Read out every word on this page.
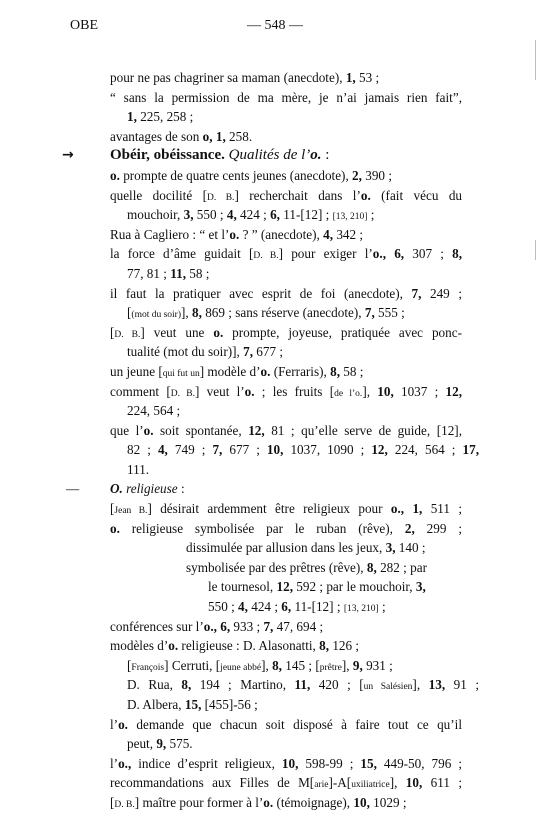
OBE	— 548 —
pour ne pas chagriner sa maman (anecdote), 1, 53 ;
“ sans la permission de ma mère, je n’ai jamais rien fait”,
1, 225, 258 ;
avantages de son o, 1, 258.
→ Obéir, obéissance. Qualités de l’o. :
o. prompte de quatre cents jeunes (anecdote), 2, 390 ;
quelle docilité [D. B.] recherchait dans l’o. (fait vécu du
mouchoir, 3, 550 ; 4, 424 ; 6, 11-[12] ; [13, 210] ;
Rua à Cagliero : “ et l’o. ? ” (anecdote), 4, 342 ;
la force d’âme guidait [D. B.] pour exiger l’o., 6, 307 ; 8,
77, 81 ; 11, 58 ;
il faut la pratiquer avec esprit de foi (anecdote), 7, 249 ;
[(mot du soir)], 8, 869 ; sans réserve (anecdote), 7, 555 ;
[D. B.] veut une o. prompte, joyeuse, pratiquée avec ponc-
tualité (mot du soir)], 7, 677 ;
un jeune [qui fut un] modèle d’o. (Ferraris), 8, 58 ;
comment [D. B.] veut l’o. ; les fruits [de l’o.], 10, 1037 ; 12,
224, 564 ;
que l’o. soit spontanée, 12, 81 ; qu’elle serve de guide, [12],
82 ; 4, 749 ; 7, 677 ; 10, 1037, 1090 ; 12, 224, 564 ; 17,
111.
— O. religieuse :
[Jean B.] désirait ardemment être religieux pour o., 1, 511 ;
o. religieuse symbolisée par le ruban (rêve), 2, 299 ;
dissimulée par allusion dans les jeux, 3, 140 ;
symbolisée par des prêtres (rêve), 8, 282 ; par
le tournesol, 12, 592 ; par le mouchoir, 3,
550 ; 4, 424 ; 6, 11-[12] ; [13, 210] ;
conférences sur l’o., 6, 933 ; 7, 47, 694 ;
modèles d’o. religieuse : D. Alasonatti, 8, 126 ;
[François] Cerruti, [jeune abbé], 8, 145 ; [prêtre], 9, 931 ;
D. Rua, 8, 194 ; Martino, 11, 420 ; [un Salésien], 13, 91 ;
D. Albera, 15, [455]-56 ;
l’o. demande que chacun soit disposé à faire tout ce qu’il
peut, 9, 575.
l’o., indice d’esprit religieux, 10, 598-99 ; 15, 449-50, 796 ;
recommandations aux Filles de M[arie]-A[uxiliatrice], 10, 611 ;
[D. B.] maître pour former à l’o. (témoignage), 10, 1029 ;
